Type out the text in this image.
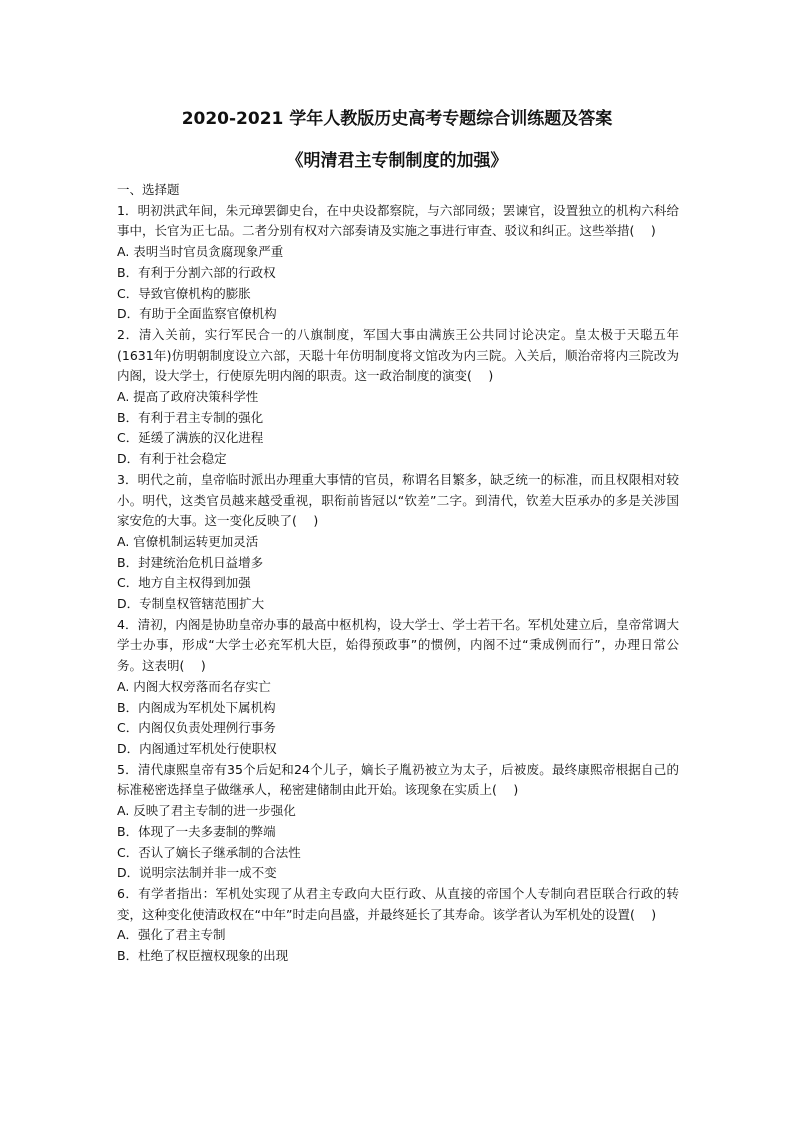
2020-2021 学年人教版历史高考专题综合训练题及答案
《明清君主专制制度的加强》

一、选择题

1．明初洪武年间，朱元璋罢御史台，在中央设都察院，与六部同级；罢谏官，设置独立的机构六科给事中，长官为正七品。二者分别有权对六部奏请及实施之事进行审查、驳议和纠正。这些举措(　 )

A. 表明当时官员贪腐现象严重

B．有利于分割六部的行政权

C．导致官僚机构的膨胀

D．有助于全面监察官僚机构

2．清入关前，实行军民合一的八旗制度，军国大事由满族王公共同讨论决定。皇太极于天聪五年(1631年)仿明朝制度设立六部，天聪十年仿明制度将文馆改为内三院。入关后，顺治帝将内三院改为内阁，设大学士，行使原先明内阁的职责。这一政治制度的演变(　 )

A. 提高了政府决策科学性

B．有利于君主专制的强化

C．延缓了满族的汉化进程

D．有利于社会稳定

3．明代之前，皇帝临时派出办理重大事情的官员，称谓名目繁多，缺乏统一的标准，而且权限相对较小。明代，这类官员越来越受重视，职衔前皆冠以“钦差”二字。到清代，钦差大臣承办的多是关涉国家安危的大事。这一变化反映了(　 )

A. 官僚机制运转更加灵活

B．封建统治危机日益增多

C．地方自主权得到加强

D．专制皇权管辖范围扩大

4．清初，内阁是协助皇帝办事的最高中枢机构，设大学士、学士若干名。军机处建立后，皇帝常调大学士办事，形成“大学士必充军机大臣，始得预政事”的惯例，内阁不过“秉成例而行”，办理日常公务。这表明(　 )

A. 内阁大权旁落而名存实亡

B．内阁成为军机处下属机构

C．内阁仅负责处理例行事务

D．内阁通过军机处行使职权

5．清代康熙皇帝有35个后妃和24个儿子，嫡长子胤礽被立为太子，后被废。最终康熙帝根据自己的标准秘密选择皇子做继承人，秘密建储制由此开始。该现象在实质上(　 )

A. 反映了君主专制的进一步强化

B．体现了一夫多妻制的弊端

C．否认了嫡长子继承制的合法性

D．说明宗法制并非一成不变

6．有学者指出：军机处实现了从君主专政向大臣行政、从直接的帝国个人专制向君臣联合行政的转变，这种变化使清政权在“中年”时走向昌盛，并最终延长了其寿命。该学者认为军机处的设置(　 )

A．强化了君主专制

B．杜绝了权臣擅权现象的出现
